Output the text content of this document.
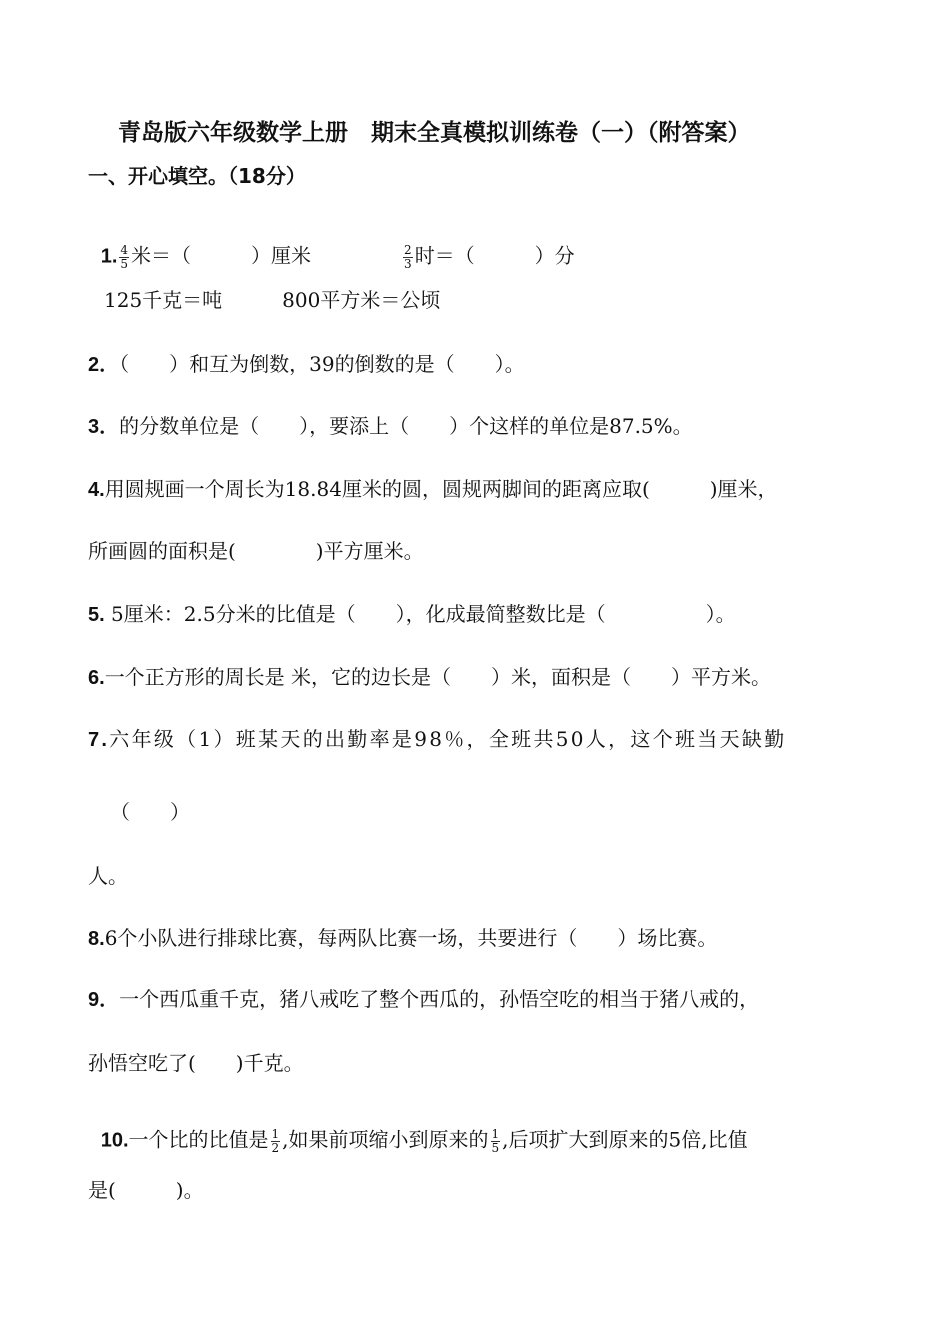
青岛版六年级数学上册　期末全真模拟训练卷（一）（附答案）
一、开心填空。（18分）

1. $\frac{4}{5}$ 米＝（　　　）厘米	$\frac{2}{3}$ 时＝（　　　）分

125千克＝吨　　　800平方米＝公顷
2．（　　）和互为倒数，39的倒数的是（　　）。
3．的分数单位是（　　），要添上（　　）个这样的单位是87.5%。
4.用圆规画一个周长为18.84厘米的圆，圆规两脚间的距离应取(　　　)厘米，
所画圆的面积是(　　　　)平方厘米。
5. 5厘米：2.5分米的比值是（　　），化成最简整数比是（　　　　　）。
6.一个正方形的周长是 米，它的边长是（　　）米，面积是（　　）平方米。
7.六年级（1）班某天的出勤率是98％，全班共50人，这个班当天缺勤
（　　）
人。
8.6个小队进行排球比赛，每两队比赛一场，共要进行（　　）场比赛。
9．一个西瓜重千克，猪八戒吃了整个西瓜的，孙悟空吃的相当于猪八戒的，
孙悟空吃了(　　)千克。

10.一个比的比值是 $\frac{1}{2}$ ,如果前项缩小到原来的 $\frac{1}{5}$ ,后项扩大到原来的5倍,比值

是(　　　)。
